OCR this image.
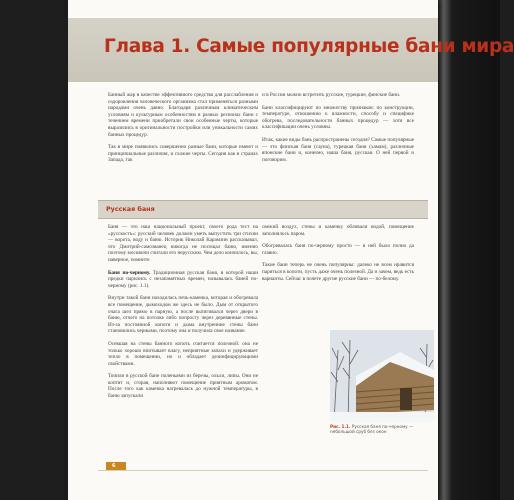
Глава 1. Самые популярные бани мира

Банный жар в качестве эффективного средства для расслабления и оздоровления человеческого организма стал применяться разными народами очень давно. Благодаря различным климатическим условиям и культурным особенностям в разных регионах бани с течением времени приобретали свои особенные черты, которые выразились в оригинальности постройки или уникальности самих банных процедур.

Так в мире появились совершенно разные бани, которые имеют и принципиальные различия, и схожие черты. Сегодня как в странах Запада, так

и в России можно встретить русские, турецкие, финские бани.

Бани классифицируют по множеству признаков: по конструкции, температуре, отношению к влажности, способу и специфике обогрева, последовательности банных процедур — хотя все классификации очень условны.

Итак, какие виды бань распространены сегодня? Самые популярные — это финская баня (сауна), турецкая баня (хамам), различные японские бани и, конечно, наша баня, русская. О ней первой и поговорим.

Русская баня

Баня — это наш национальный проект, своего рода тест на «русскость»: русский человек должен уметь выпустить три стихии — ворота, воду и баню. Историк Николай Карамзин рассказывал, что Дмитрий-самозванец никогда не посещал баню, именно поэтому москвичи считали его нерусским. Чем дело кончилось, вы, наверное, помните.

Баня по-черному. Традиционная русская баня, в которой наши предки парились с незапамятных времен, называлась баней по-черному (рис. 1.1).

Внутри такой бани находилась печь-каменка, которая и обогревала все помещение, дымоходом же здесь не было. Дым от открытого очага шел прямо в парную, а после вытягивался через двери в баню, отчего на потолке либо попросту через деревянные стены. Из-за постоянной копоти и дыма внутренние стены бани становились черными, поэтому она и получила свое название.

Осевшая на стены банного копоть считается полезной: она не только хорошо впитывает влагу, неприятные запахи и удерживает тепло в помещении, но и обладает дезинфицирующими свойствами.

Топили в русской бане поленьями из березы, ольхи, липы. Они не коптят и, сгорая, наполняют помещение приятным ароматом. После того как каменка нагревалась до нужной температуры, в баню запускали

свежий воздух, стены и каменку обливали водой, помещение заполнялось паром.

Обогревалась баня по-черному просто — в ней было полно да главно.

Такие бани теперь не очень популярны: далеко не всем нравится париться в копоти, пусть даже очень полезной. Да и зачем, ведь есть варианты. Сейчас в почете другие русские бани — по-белому.

Рис. 1.1. Русская баня по-черному — небольшой сруб без окон
6
